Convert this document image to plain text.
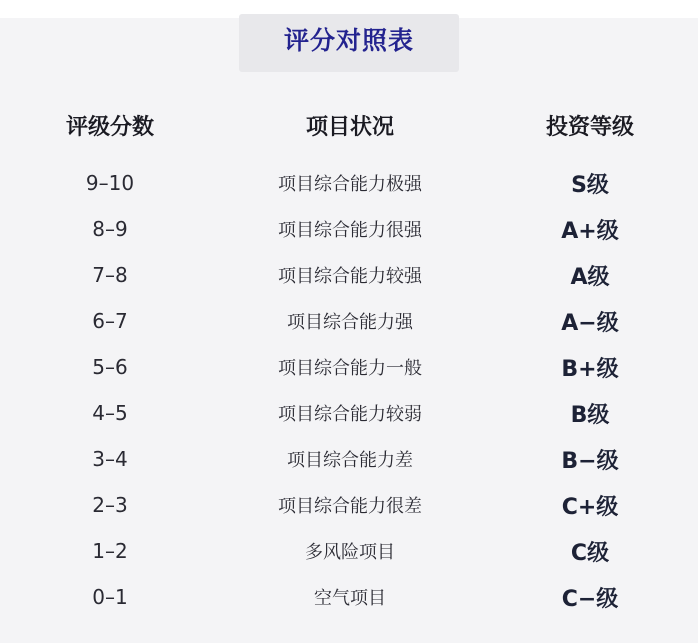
评分对照表
评级分数	项目状况	投资等级
9–10	项目综合能力极强	S级
8–9	项目综合能力很强	A+级
7–8	项目综合能力较强	A级
6–7	项目综合能力强	A−级
5–6	项目综合能力一般	B+级
4–5	项目综合能力较弱	B级
3–4	项目综合能力差	B−级
2–3	项目综合能力很差	C+级
1–2	多风险项目	C级
0–1	空气项目	C−级
